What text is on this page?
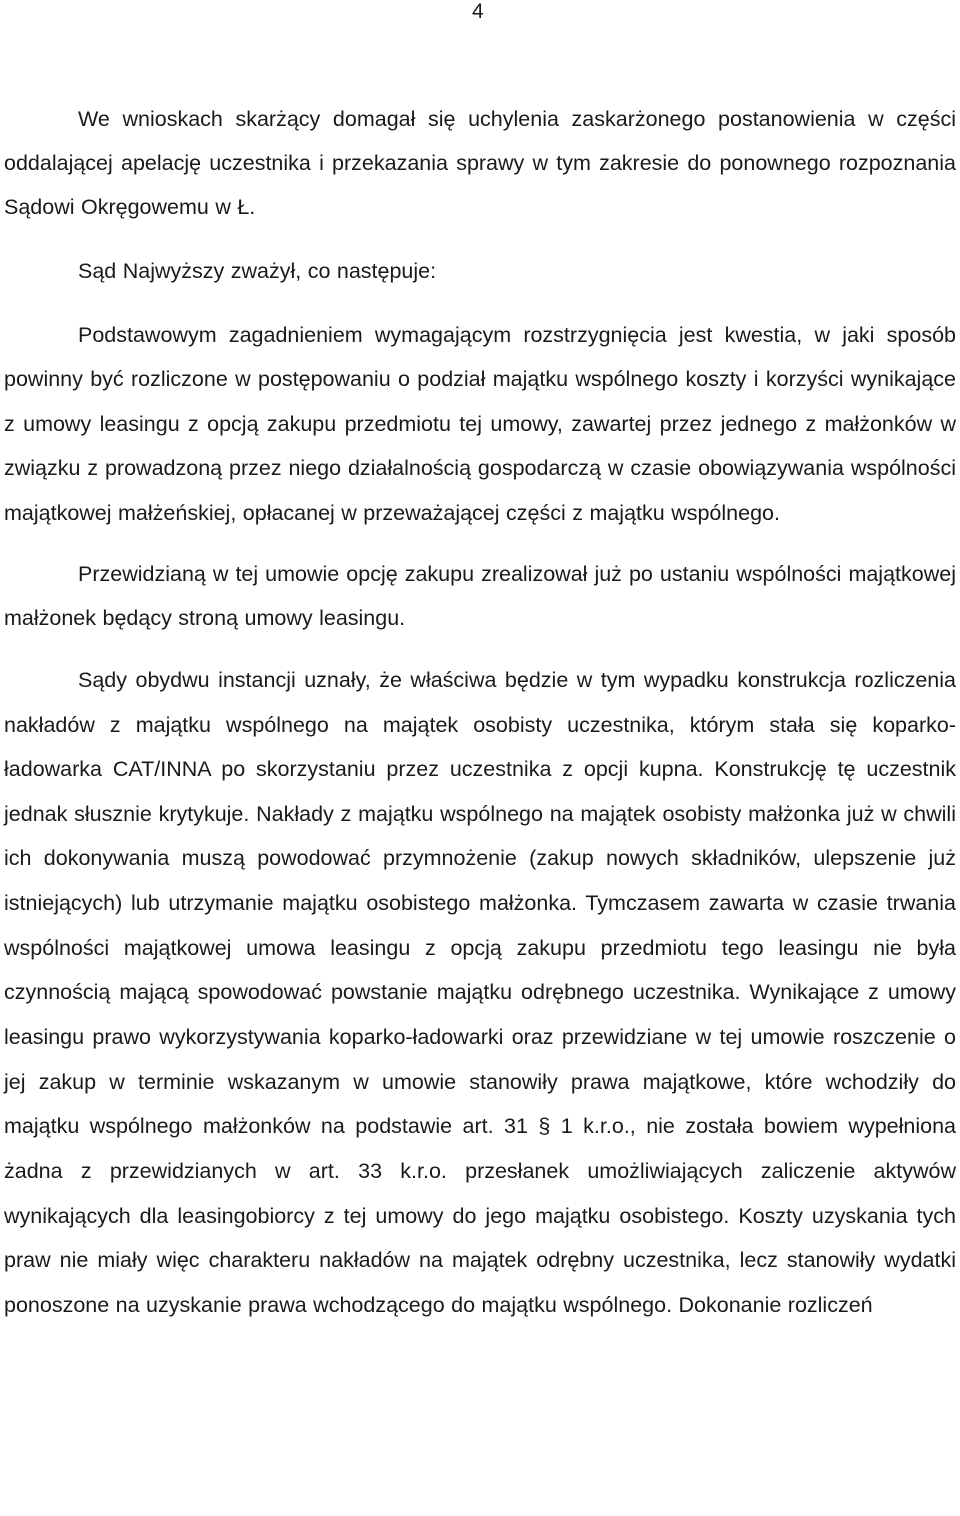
4

We wnioskach skarżący domagał się uchylenia zaskarżonego postanowienia w części oddalającej apelację uczestnika i przekazania sprawy w tym zakresie do ponownego rozpoznania Sądowi Okręgowemu w Ł.

Sąd Najwyższy zważył, co następuje:

Podstawowym zagadnieniem wymagającym rozstrzygnięcia jest kwestia, w jaki sposób powinny być rozliczone w postępowaniu o podział majątku wspólnego koszty i korzyści wynikające z umowy leasingu z opcją zakupu przedmiotu tej umowy, zawartej przez jednego z małżonków w związku z prowadzoną przez niego działalnością gospodarczą w czasie obowiązywania wspólności majątkowej małżeńskiej, opłacanej w przeważającej części z majątku wspólnego.

Przewidzianą w tej umowie opcję zakupu zrealizował już po ustaniu wspólności majątkowej małżonek będący stroną umowy leasingu.

Sądy obydwu instancji uznały, że właściwa będzie w tym wypadku konstrukcja rozliczenia nakładów z majątku wspólnego na majątek osobisty uczestnika, którym stała się koparko-ładowarka CAT/INNA po skorzystaniu przez uczestnika z opcji kupna. Konstrukcję tę uczestnik jednak słusznie krytykuje. Nakłady z majątku wspólnego na majątek osobisty małżonka już w chwili ich dokonywania muszą powodować przymnożenie (zakup nowych składników, ulepszenie już istniejących) lub utrzymanie majątku osobistego małżonka. Tymczasem zawarta w czasie trwania wspólności majątkowej umowa leasingu z opcją zakupu przedmiotu tego leasingu nie była czynnością mającą spowodować powstanie majątku odrębnego uczestnika. Wynikające z umowy leasingu prawo wykorzystywania koparko-ładowarki oraz przewidziane w tej umowie roszczenie o jej zakup w terminie wskazanym w umowie stanowiły prawa majątkowe, które wchodziły do majątku wspólnego małżonków na podstawie art. 31 § 1 k.r.o., nie została bowiem wypełniona żadna z przewidzianych w art. 33 k.r.o. przesłanek umożliwiających zaliczenie aktywów wynikających dla leasingobiorcy z tej umowy do jego majątku osobistego. Koszty uzyskania tych praw nie miały więc charakteru nakładów na majątek odrębny uczestnika, lecz stanowiły wydatki ponoszone na uzyskanie prawa wchodzącego do majątku wspólnego. Dokonanie rozliczeń
